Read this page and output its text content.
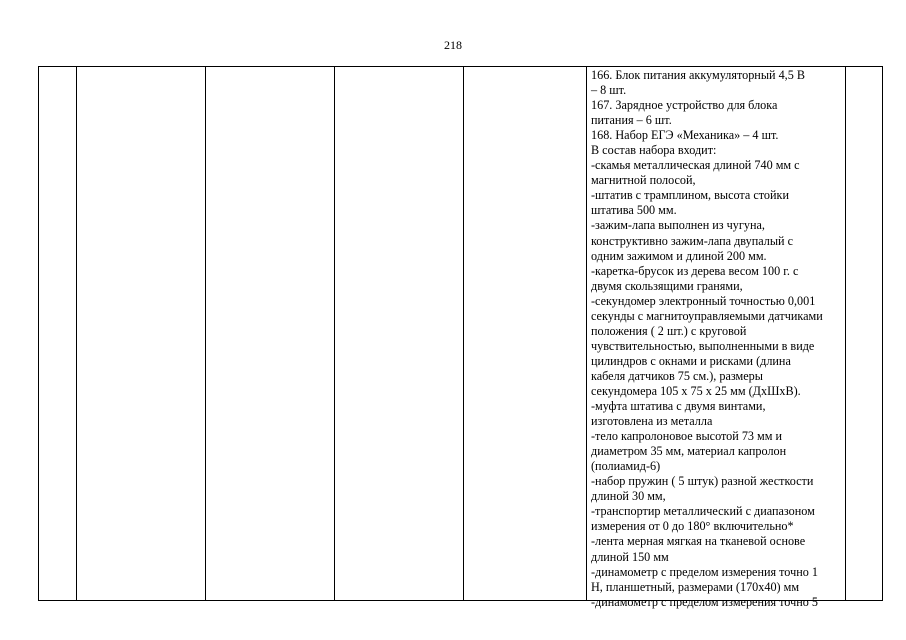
218
166. Блок питания аккумуляторный 4,5 В
– 8 шт.
167. Зарядное устройство для блока
питания – 6 шт.
168. Набор ЕГЭ «Механика» – 4 шт.
В состав набора входит:
-скамья металлическая длиной 740 мм с
магнитной полосой,
-штатив с трамплином, высота стойки
штатива 500 мм.
-зажим-лапа выполнен из чугуна,
конструктивно зажим-лапа двупалый с
одним зажимом и длиной 200 мм.
-каретка-брусок из дерева весом 100 г. с
двумя скользящими гранями,
-секундомер электронный точностью 0,001
секунды с магнитоуправляемыми датчиками
положения ( 2 шт.) с круговой
чувствительностью, выполненными в виде
цилиндров с окнами и рисками (длина
кабеля датчиков 75 см.), размеры
секундомера 105 х 75 х 25 мм (ДхШхВ).
-муфта штатива с двумя винтами,
изготовлена из металла
-тело капролоновое высотой 73 мм и
диаметром 35 мм, материал капролон
(полиамид-6)
-набор пружин ( 5 штук) разной жесткости
длиной 30 мм,
-транспортир металлический с диапазоном
измерения от 0 до 180° включительно*
-лента мерная мягкая на тканевой основе
длиной 150 мм
-динамометр с пределом измерения точно 1
Н, планшетный, размерами (170х40) мм
-динамометр с пределом измерения точно 5
